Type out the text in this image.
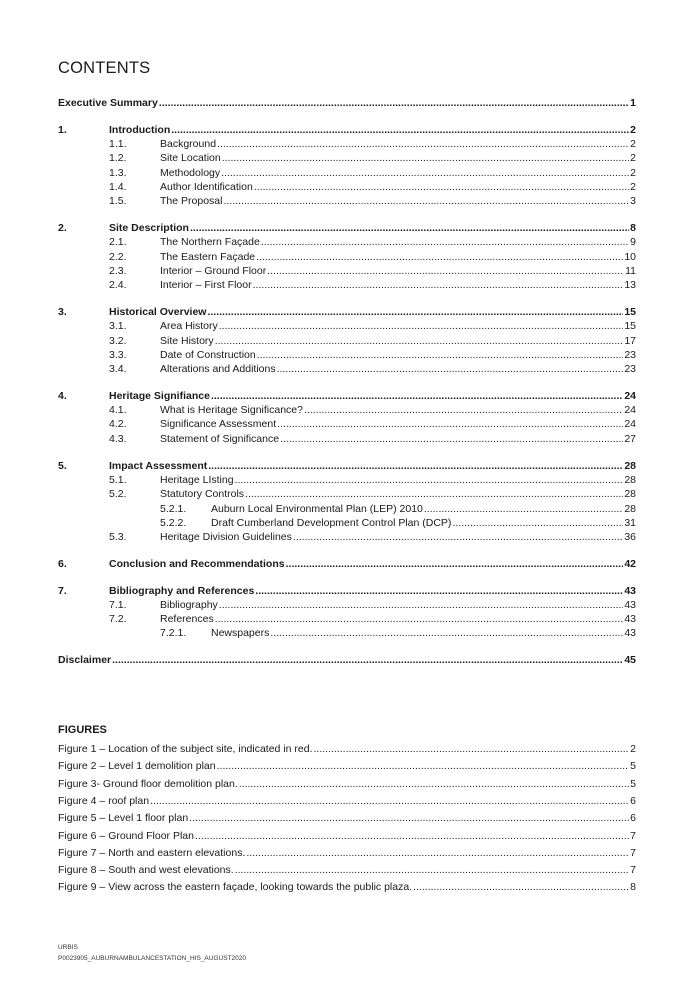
CONTENTS
Executive Summary .....	1
1.	Introduction .....	2
1.1.	Background .....	2
1.2.	Site Location .....	2
1.3.	Methodology .....	2
1.4.	Author Identification .....	2
1.5.	The Proposal .....	3
2.	Site Description .....	8
2.1.	The Northern Façade .....	9
2.2.	The Eastern Façade .....	10
2.3.	Interior – Ground Floor .....	11
2.4.	Interior – First Floor .....	13
3.	Historical Overview .....	15
3.1.	Area History .....	15
3.2.	Site History .....	17
3.3.	Date of Construction .....	23
3.4.	Alterations and Additions .....	23
4.	Heritage Signifiance .....	24
4.1.	What is Heritage Significance? .....	24
4.2.	Significance Assessment .....	24
4.3.	Statement of Significance .....	27
5.	Impact Assessment .....	28
5.1.	Heritage LIsting .....	28
5.2.	Statutory Controls .....	28
5.2.1.	Auburn Local Environmental Plan (LEP) 2010 .....	28
5.2.2.	Draft Cumberland Development Control Plan (DCP) .....	31
5.3.	Heritage Division Guidelines .....	36
6.	Conclusion and Recommendations .....	42
7.	Bibliography and References .....	43
7.1.	Bibliography .....	43
7.2.	References .....	43
7.2.1.	Newspapers .....	43
Disclaimer .....	45
FIGURES
Figure 1 – Location of the subject site, indicated in red. .....	2
Figure 2 – Level 1 demolition plan .....	5
Figure 3- Ground floor demolition plan. .....	5
Figure 4 – roof plan .....	6
Figure 5 – Level 1 floor plan .....	6
Figure 6 – Ground Floor Plan .....	7
Figure 7 – North and eastern elevations. .....	7
Figure 8 – South and west elevations. .....	7
Figure 9 – View across the eastern façade, looking towards the public plaza. .....	8
URBIS
P0023905_AUBURNAMBULANCESTATION_HIS_AUGUST2020
